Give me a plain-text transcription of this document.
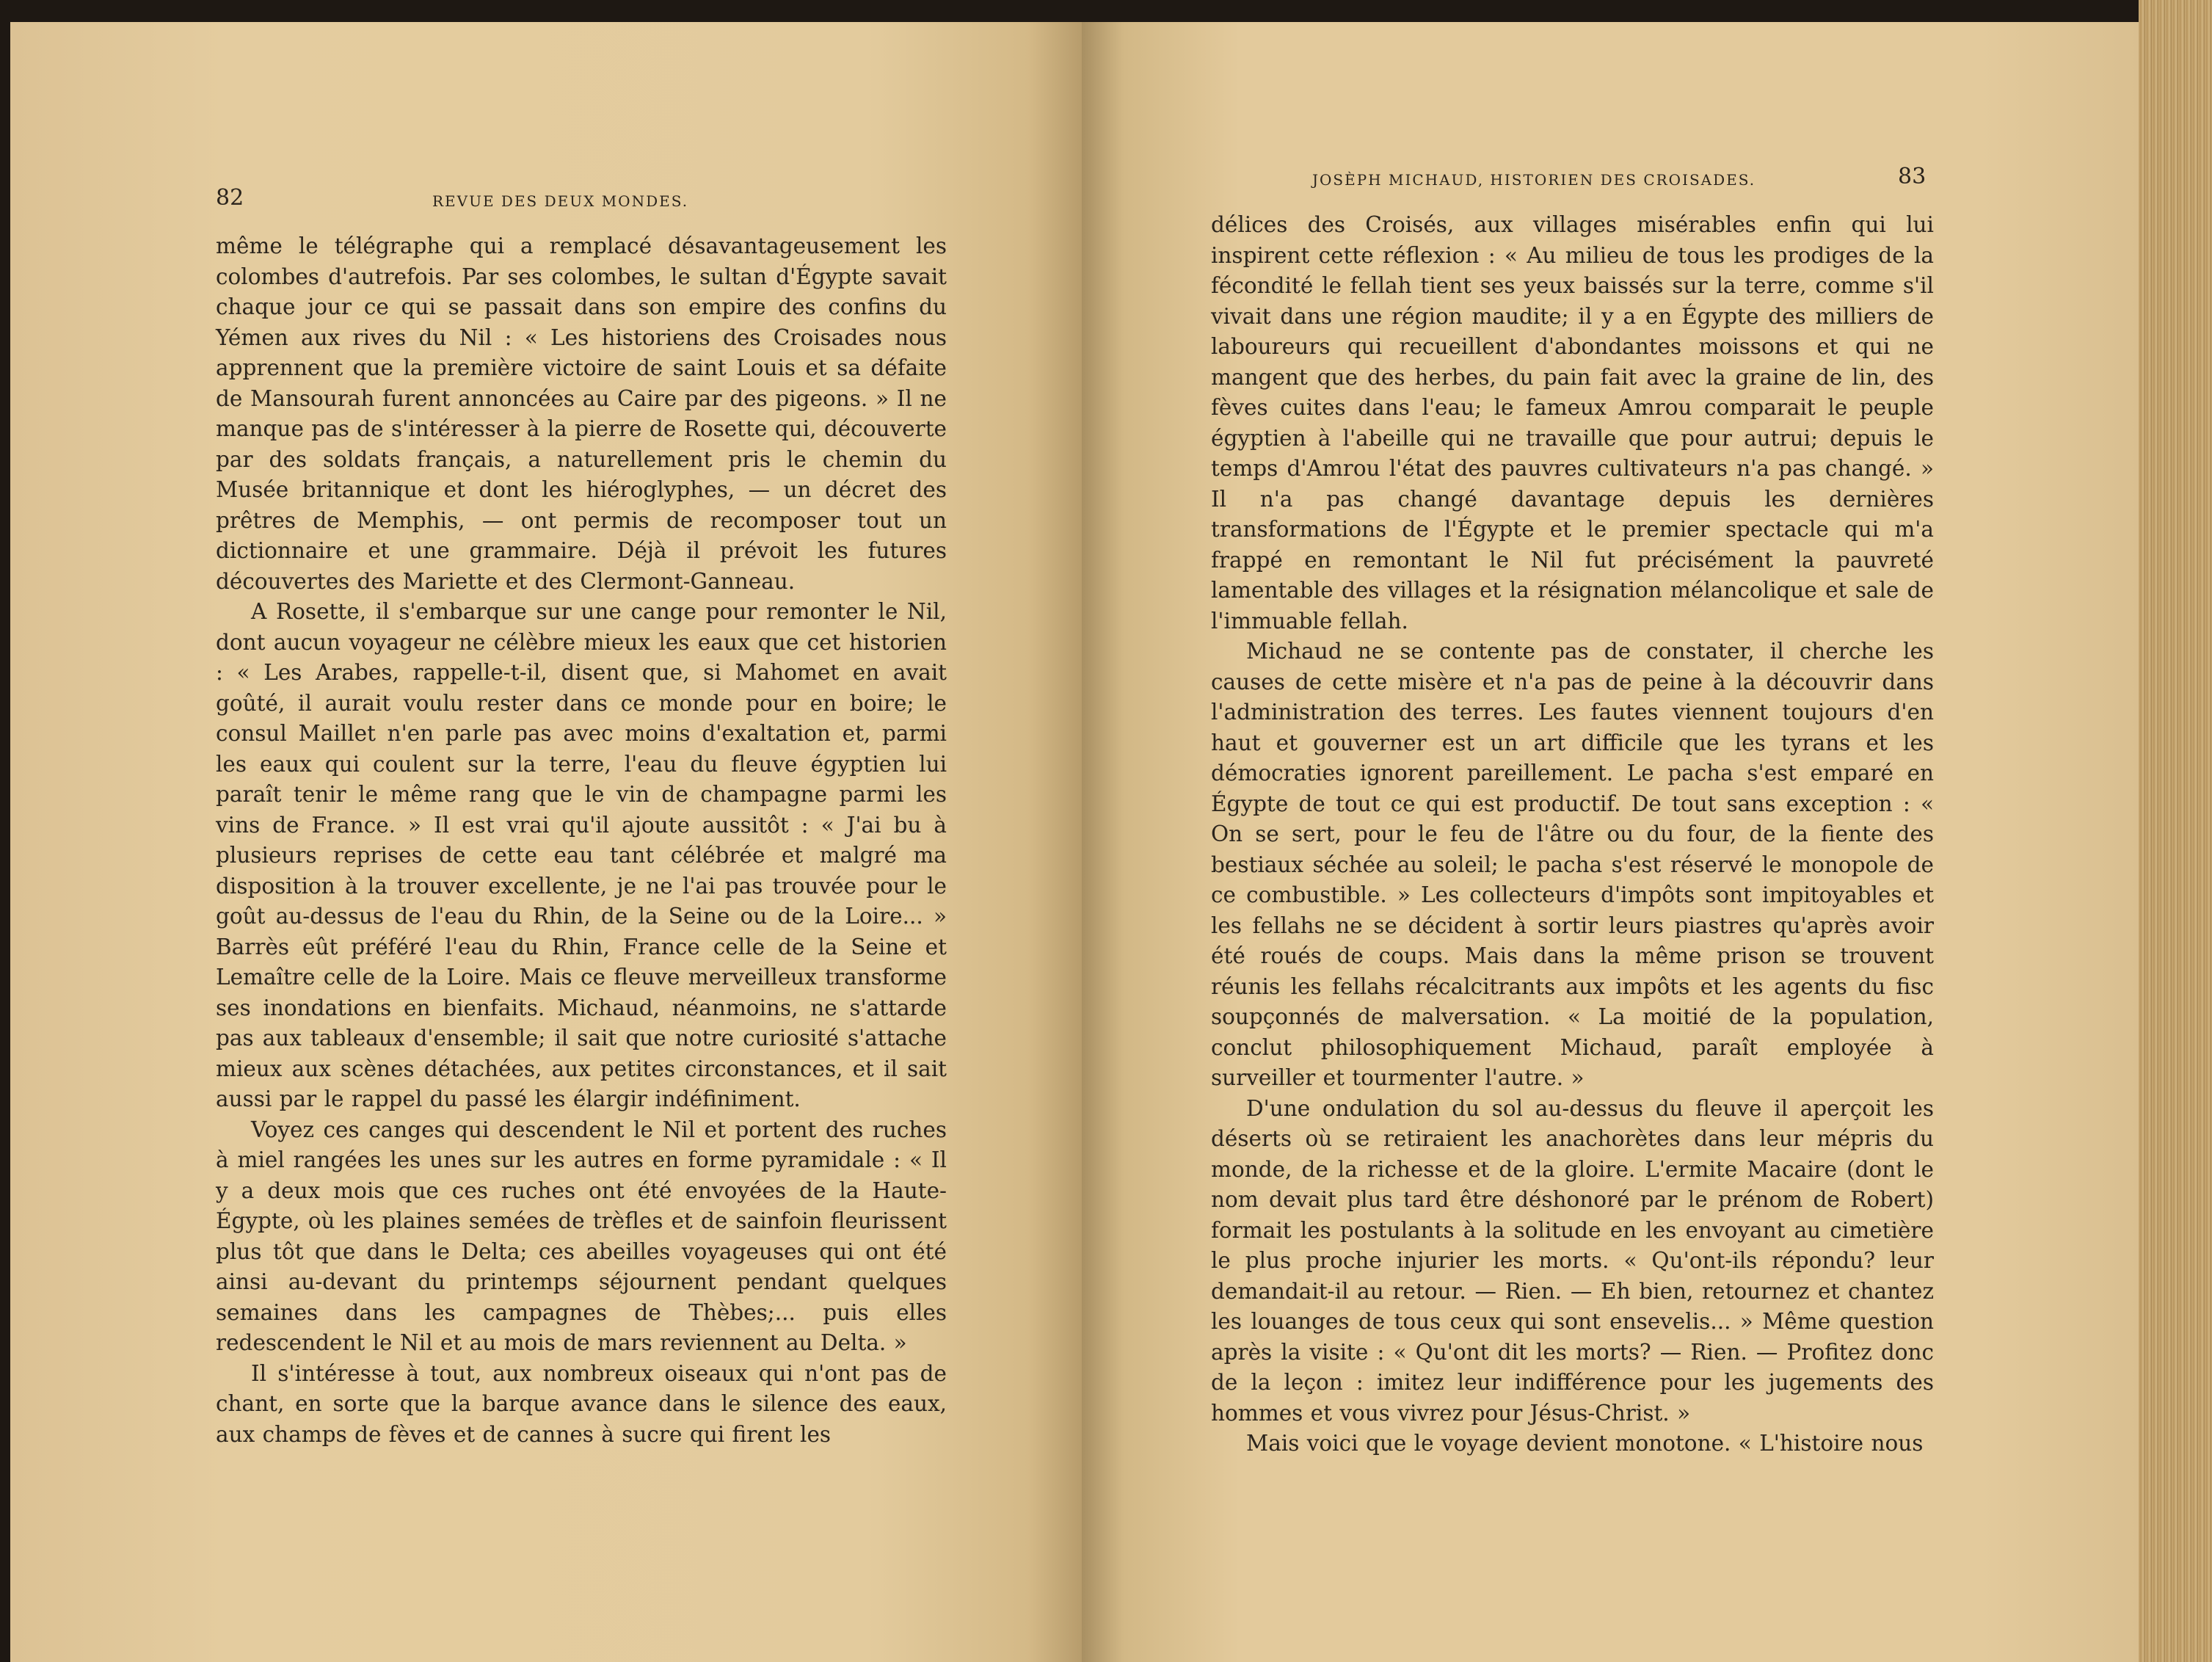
82	REVUE DES DEUX MONDES.

même le télégraphe qui a remplacé désavantageusement les colombes d'autrefois. Par ses colombes, le sultan d'Égypte savait chaque jour ce qui se passait dans son empire des confins du Yémen aux rives du Nil : « Les historiens des Croisades nous apprennent que la première victoire de saint Louis et sa défaite de Mansourah furent annoncées au Caire par des pigeons. » Il ne manque pas de s'intéresser à la pierre de Rosette qui, découverte par des soldats français, a naturellement pris le chemin du Musée britannique et dont les hiéroglyphes, — un décret des prêtres de Memphis, — ont permis de recomposer tout un dictionnaire et une grammaire. Déjà il prévoit les futures découvertes des Mariette et des Clermont-Ganneau.

A Rosette, il s'embarque sur une cange pour remonter le Nil, dont aucun voyageur ne célèbre mieux les eaux que cet historien : « Les Arabes, rappelle-t-il, disent que, si Mahomet en avait goûté, il aurait voulu rester dans ce monde pour en boire; le consul Maillet n'en parle pas avec moins d'exaltation et, parmi les eaux qui coulent sur la terre, l'eau du fleuve égyptien lui paraît tenir le même rang que le vin de champagne parmi les vins de France. » Il est vrai qu'il ajoute aussitôt : « J'ai bu à plusieurs reprises de cette eau tant célébrée et malgré ma disposition à la trouver excellente, je ne l'ai pas trouvée pour le goût au-dessus de l'eau du Rhin, de la Seine ou de la Loire... » Barrès eût préféré l'eau du Rhin, France celle de la Seine et Lemaître celle de la Loire. Mais ce fleuve merveilleux transforme ses inondations en bienfaits. Michaud, néanmoins, ne s'attarde pas aux tableaux d'ensemble; il sait que notre curiosité s'attache mieux aux scènes détachées, aux petites circonstances, et il sait aussi par le rappel du passé les élargir indéfiniment.

Voyez ces canges qui descendent le Nil et portent des ruches à miel rangées les unes sur les autres en forme pyramidale : « Il y a deux mois que ces ruches ont été envoyées de la Haute-Égypte, où les plaines semées de trèfles et de sainfoin fleurissent plus tôt que dans le Delta; ces abeilles voyageuses qui ont été ainsi au-devant du printemps séjournent pendant quelques semaines dans les campagnes de Thèbes;... puis elles redescendent le Nil et au mois de mars reviennent au Delta. »

Il s'intéresse à tout, aux nombreux oiseaux qui n'ont pas de chant, en sorte que la barque avance dans le silence des eaux, aux champs de fèves et de cannes à sucre qui firent les

JOSÈPH MICHAUD, HISTORIEN DES CROISADES.	83

délices des Croisés, aux villages misérables enfin qui lui inspirent cette réflexion : « Au milieu de tous les prodiges de la fécondité le fellah tient ses yeux baissés sur la terre, comme s'il vivait dans une région maudite; il y a en Égypte des milliers de laboureurs qui recueillent d'abondantes moissons et qui ne mangent que des herbes, du pain fait avec la graine de lin, des fèves cuites dans l'eau; le fameux Amrou comparait le peuple égyptien à l'abeille qui ne travaille que pour autrui; depuis le temps d'Amrou l'état des pauvres cultivateurs n'a pas changé. » Il n'a pas changé davantage depuis les dernières transformations de l'Égypte et le premier spectacle qui m'a frappé en remontant le Nil fut précisément la pauvreté lamentable des villages et la résignation mélancolique et sale de l'immuable fellah.

Michaud ne se contente pas de constater, il cherche les causes de cette misère et n'a pas de peine à la découvrir dans l'administration des terres. Les fautes viennent toujours d'en haut et gouverner est un art difficile que les tyrans et les démocraties ignorent pareillement. Le pacha s'est emparé en Égypte de tout ce qui est productif. De tout sans exception : « On se sert, pour le feu de l'âtre ou du four, de la fiente des bestiaux séchée au soleil; le pacha s'est réservé le monopole de ce combustible. » Les collecteurs d'impôts sont impitoyables et les fellahs ne se décident à sortir leurs piastres qu'après avoir été roués de coups. Mais dans la même prison se trouvent réunis les fellahs récalcitrants aux impôts et les agents du fisc soupçonnés de malversation. « La moitié de la population, conclut philosophiquement Michaud, paraît employée à surveiller et tourmenter l'autre. »

D'une ondulation du sol au-dessus du fleuve il aperçoit les déserts où se retiraient les anachorètes dans leur mépris du monde, de la richesse et de la gloire. L'ermite Macaire (dont le nom devait plus tard être déshonoré par le prénom de Robert) formait les postulants à la solitude en les envoyant au cimetière le plus proche injurier les morts. « Qu'ont-ils répondu? leur demandait-il au retour. — Rien. — Eh bien, retournez et chantez les louanges de tous ceux qui sont ensevelis... » Même question après la visite : « Qu'ont dit les morts? — Rien. — Profitez donc de la leçon : imitez leur indifférence pour les jugements des hommes et vous vivrez pour Jésus-Christ. »

Mais voici que le voyage devient monotone. « L'histoire nous
